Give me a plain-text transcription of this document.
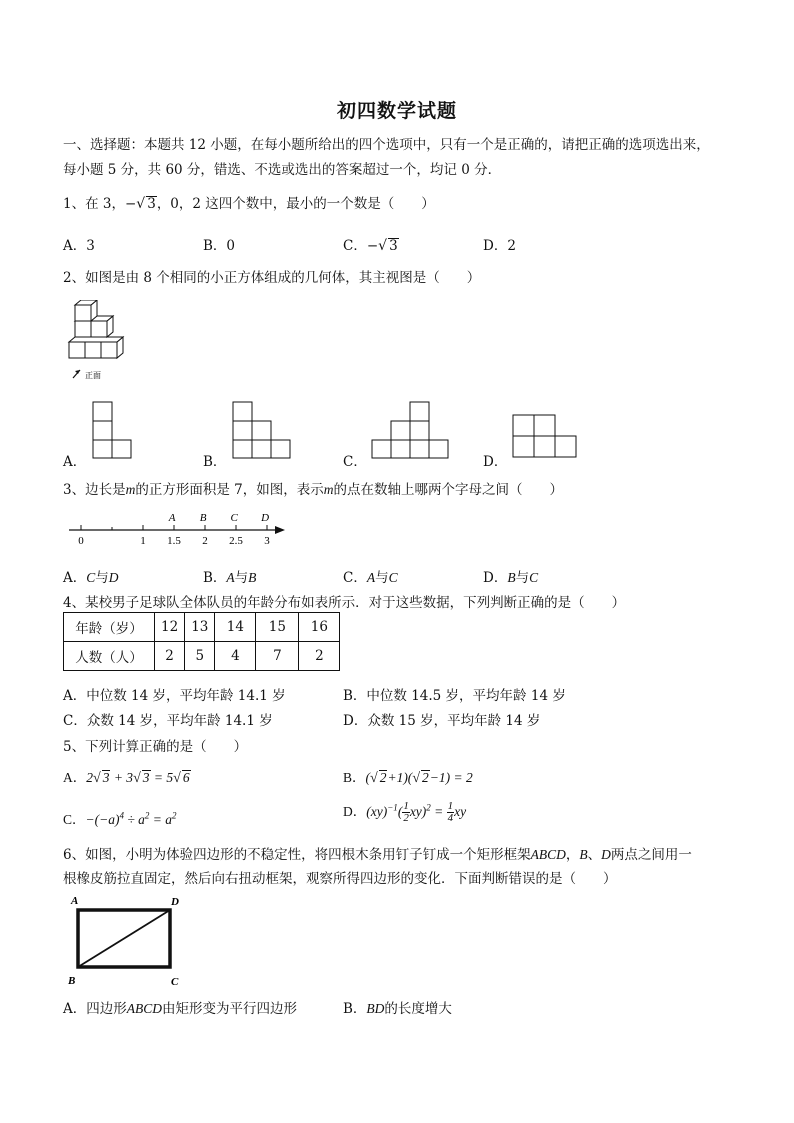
初四数学试题
一、选择题：本题共 12 小题，在每小题所给出的四个选项中，只有一个是正确的，请把正确的选项选出来，
每小题 5 分，共 60 分，错选、不选或选出的答案超过一个，均记 0 分．
1、在 3，−√ 3，0，2 这四个数中，最小的一个数是（　　）
A．3	B．0	C．−√ 3	D．2
2、如图是由 8 个相同的小正方体组成的几何体，其主视图是（　　）
正面
A．	B．	C．	D．
3、边长是m的正方形面积是 7，如图，表示m的点在数轴上哪两个字母之间（　　）
0	1 1.5 2 2.5 3
A B C D
A．C与D	B．A与B	C．A与C	D．B与C
4、某校男子足球队全体队员的年龄分布如表所示．对于这些数据，下列判断正确的是（　　）
年龄（岁）	12	13	14	15	16
人数（人）	2	5	4	7	2
A．中位数 14 岁，平均年龄 14.1 岁	B．中位数 14.5 岁，平均年龄 14 岁
C．众数 14 岁，平均年龄 14.1 岁	D．众数 15 岁，平均年龄 14 岁
5、下列计算正确的是（　　）
A．2√ 3 + 3√ 3 = 5√ 6	B．(√ 2+1)(√ 2−1) = 2
C．$-(-a)^4 \div a^2 = a^2$	D．$(xy)^{-1}( \frac{1}{2} xy)^2 = \frac{1}{4}$ xy
6、如图，小明为体验四边形的不稳定性，将四根木条用钉子钉成一个矩形框架ABCD，B、D两点之间用一
根橡皮筋拉直固定，然后向右扭动框架，观察所得四边形的变化．下面判断错误的是（　　）
A	D
B	C
A．四边形ABCD由矩形变为平行四边形	B．BD的长度增大
